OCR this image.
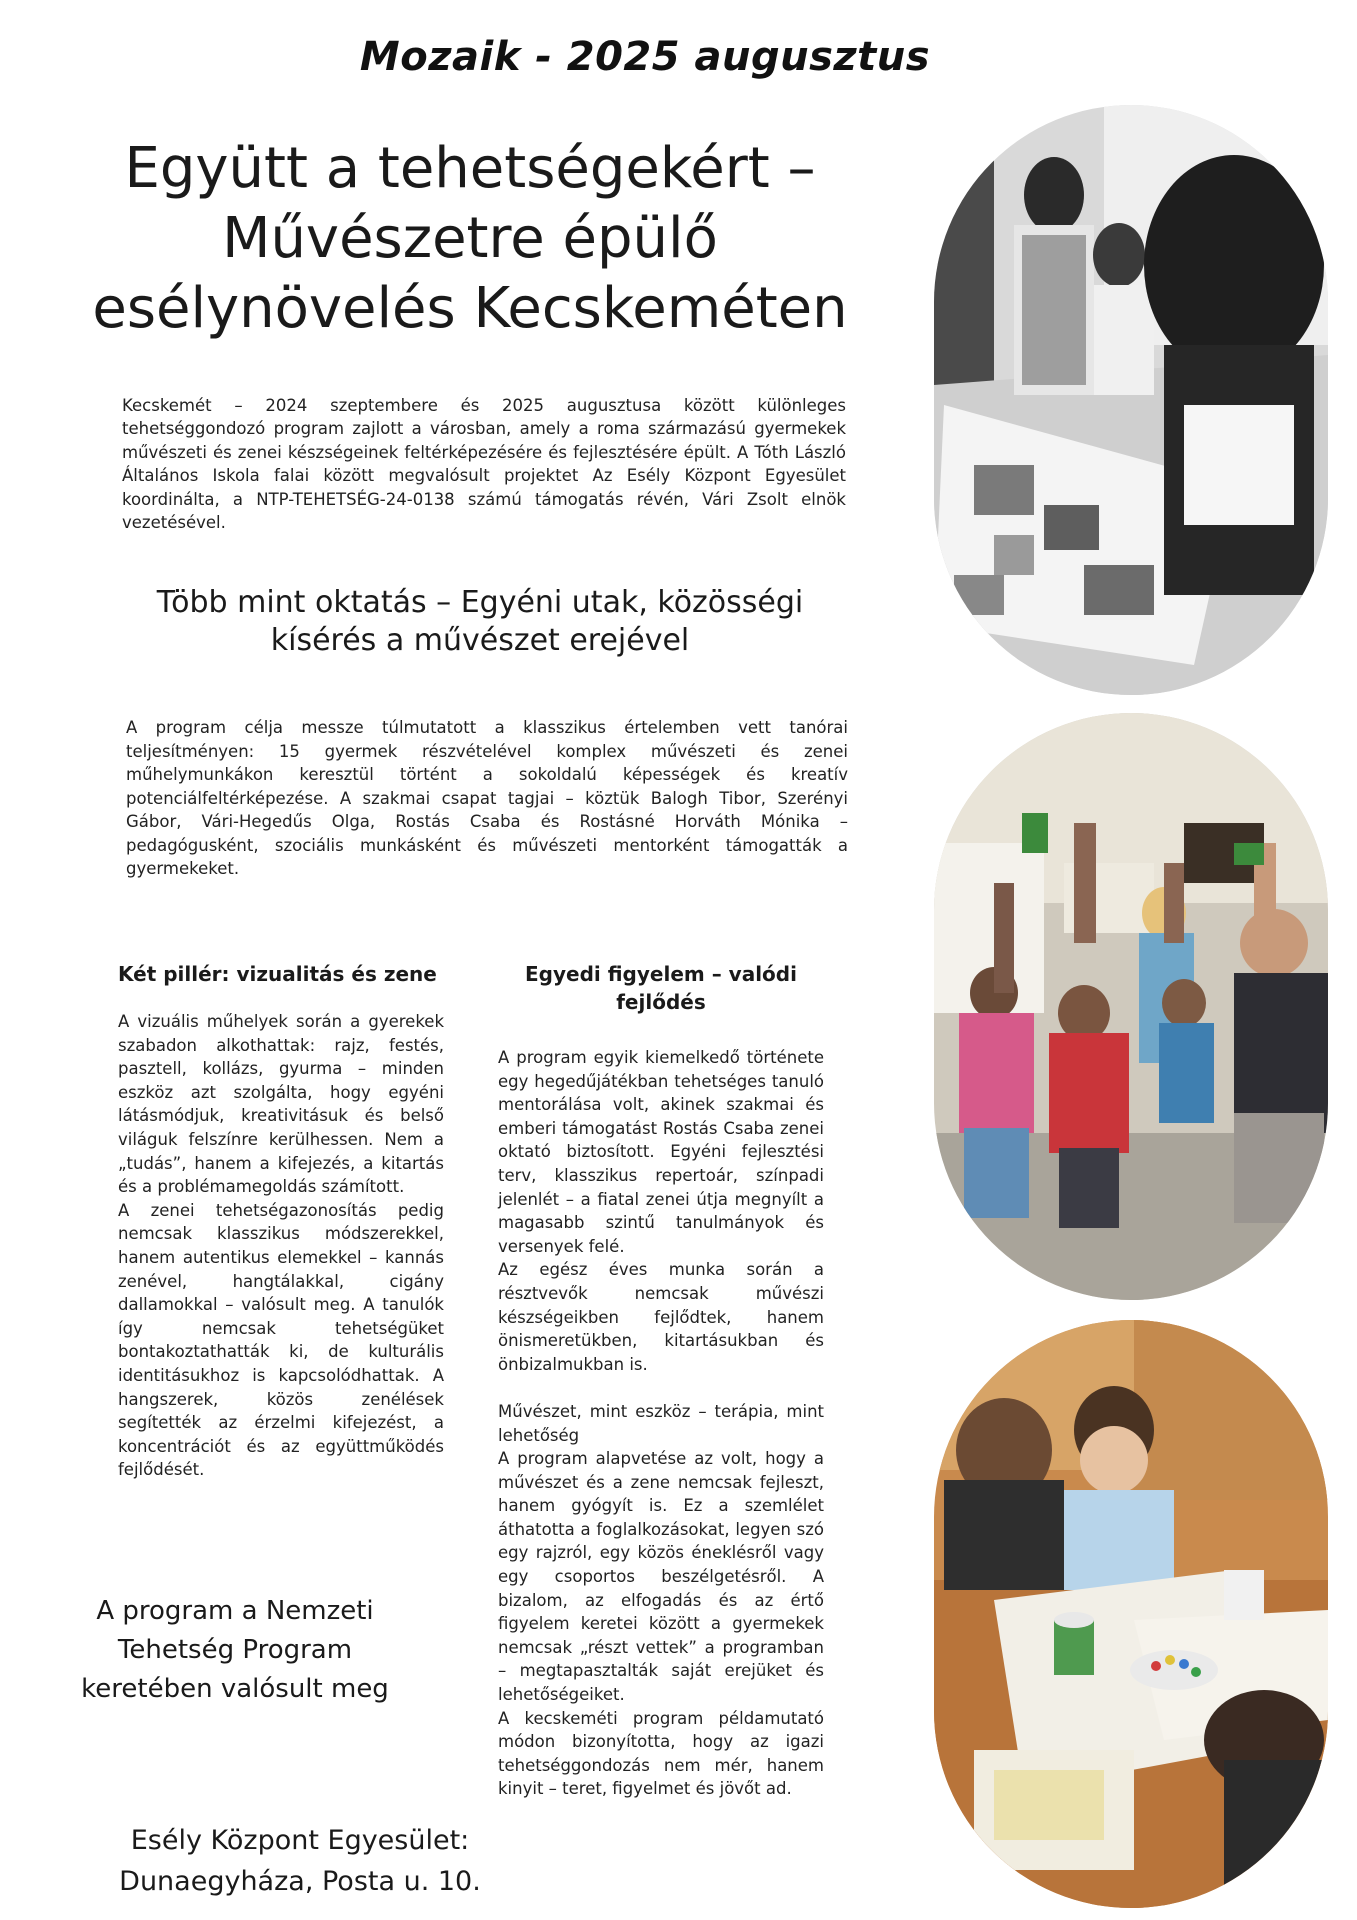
Mozaik - 2025 augusztus
Együtt a tehetségekért –
Művészetre épülő
esélynövelés Kecskeméten
Kecskemét – 2024 szeptembere és 2025 augusztusa között különleges tehetséggondozó program zajlott a városban, amely a roma származású gyermekek művészeti és zenei készségeinek feltérképezésére és fejlesztésére épült. A Tóth László Általános Iskola falai között megvalósult projektet Az Esély Központ Egyesület koordinálta, a NTP-TEHETSÉG-24-0138 számú támogatás révén, Vári Zsolt elnök vezetésével.
Több mint oktatás – Egyéni utak, közösségi
kísérés a művészet erejével
A program célja messze túlmutatott a klasszikus értelemben vett tanórai teljesítményen: 15 gyermek részvételével komplex művészeti és zenei műhelymunkákon keresztül történt a sokoldalú képességek és kreatív potenciálfeltérképezése. A szakmai csapat tagjai – köztük Balogh Tibor, Szerényi Gábor, Vári-Hegedűs Olga, Rostás Csaba és Rostásné Horváth Mónika – pedagógusként, szociális munkásként és művészeti mentorként támogatták a gyermekeket.
Két pillér: vizualitás és zene

A vizuális műhelyek során a gyerekek szabadon alkothattak: rajz, festés, pasztell, kollázs, gyurma – minden eszköz azt szolgálta, hogy egyéni látásmódjuk, kreativitásuk és belső világuk felszínre kerülhessen. Nem a „tudás”, hanem a kifejezés, a kitartás és a problémamegoldás számított.

A zenei tehetségazonosítás pedig nemcsak klasszikus módszerekkel, hanem autentikus elemekkel – kannás zenével, hangtálakkal, cigány dallamokkal – valósult meg. A tanulók így nemcsak tehetségüket bontakoztathatták ki, de kulturális identitásukhoz is kapcsolódhattak. A hangszerek, közös zenélések segítették az érzelmi kifejezést, a koncentrációt és az együttműködés fejlődését.

Egyedi figyelem – valódi fejlődés

A program egyik kiemelkedő története egy hegedűjátékban tehetséges tanuló mentorálása volt, akinek szakmai és emberi támogatást Rostás Csaba zenei oktató biztosított. Egyéni fejlesztési terv, klasszikus repertoár, színpadi jelenlét – a fiatal zenei útja megnyílt a magasabb szintű tanulmányok és versenyek felé.

Az egész éves munka során a résztvevők nemcsak művészi készségeikben fejlődtek, hanem önismeretükben, kitartásukban és önbizalmukban is.

Művészet, mint eszköz – terápia, mint lehetőség

A program alapvetése az volt, hogy a művészet és a zene nemcsak fejleszt, hanem gyógyít is. Ez a szemlélet áthatotta a foglalkozásokat, legyen szó egy rajzról, egy közös éneklésről vagy egy csoportos beszélgetésről. A bizalom, az elfogadás és az értő figyelem keretei között a gyermekek nemcsak „részt vettek” a programban – megtapasztalták saját erejüket és lehetőségeiket.

A kecskeméti program példamutató módon bizonyította, hogy az igazi tehetséggondozás nem mér, hanem kinyit – teret, figyelmet és jövőt ad.

A program a Nemzeti
Tehetség Program
keretében valósult meg
Esély Központ Egyesület:
Dunaegyháza, Posta u. 10.
